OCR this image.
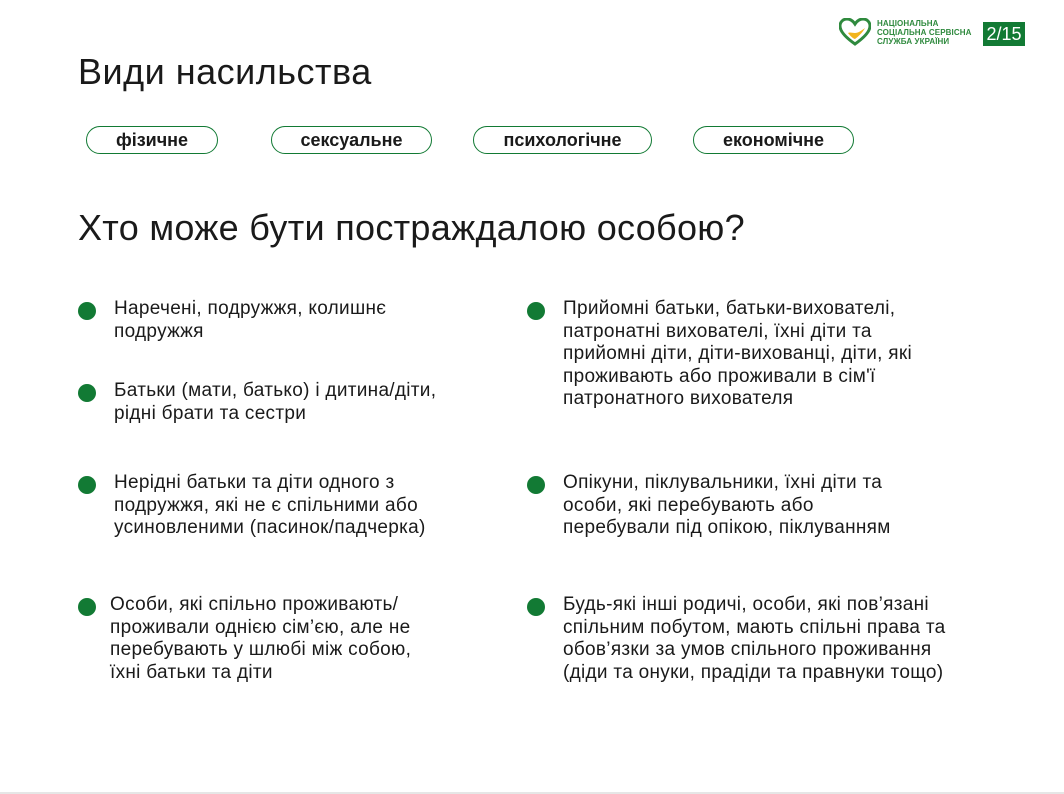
НАЦІОНАЛЬНА
СОЦІАЛЬНА СЕРВІСНА
СЛУЖБА УКРАЇНИ	2/15
Види насильства
фізичне	сексуальне	психологічне	економічне
Хто може бути постраждалою особою?
Наречені, подружжя, колишнє
подружжя
Батьки (мати, батько) і дитина/діти,
рідні брати та сестри
Нерідні батьки та діти одного з
подружжя, які не є спільними або
усиновленими (пасинок/падчерка)
Особи, які спільно проживають/
проживали однією сім’єю, але не
перебувають у шлюбі між собою,
їхні батьки та діти
Прийомні батьки, батьки-вихователі,
патронатні вихователі, їхні діти та
прийомні діти, діти-вихованці, діти, які
проживають або проживали в сім'ї
патронатного вихователя
Опікуни, піклувальники, їхні діти та
особи, які перебувають або
перебували під опікою, піклуванням
Будь-які інші родичі, особи, які пов’язані
спільним побутом, мають спільні права та
обов’язки за умов спільного проживання
(діди та онуки, прадіди та правнуки тощо)
